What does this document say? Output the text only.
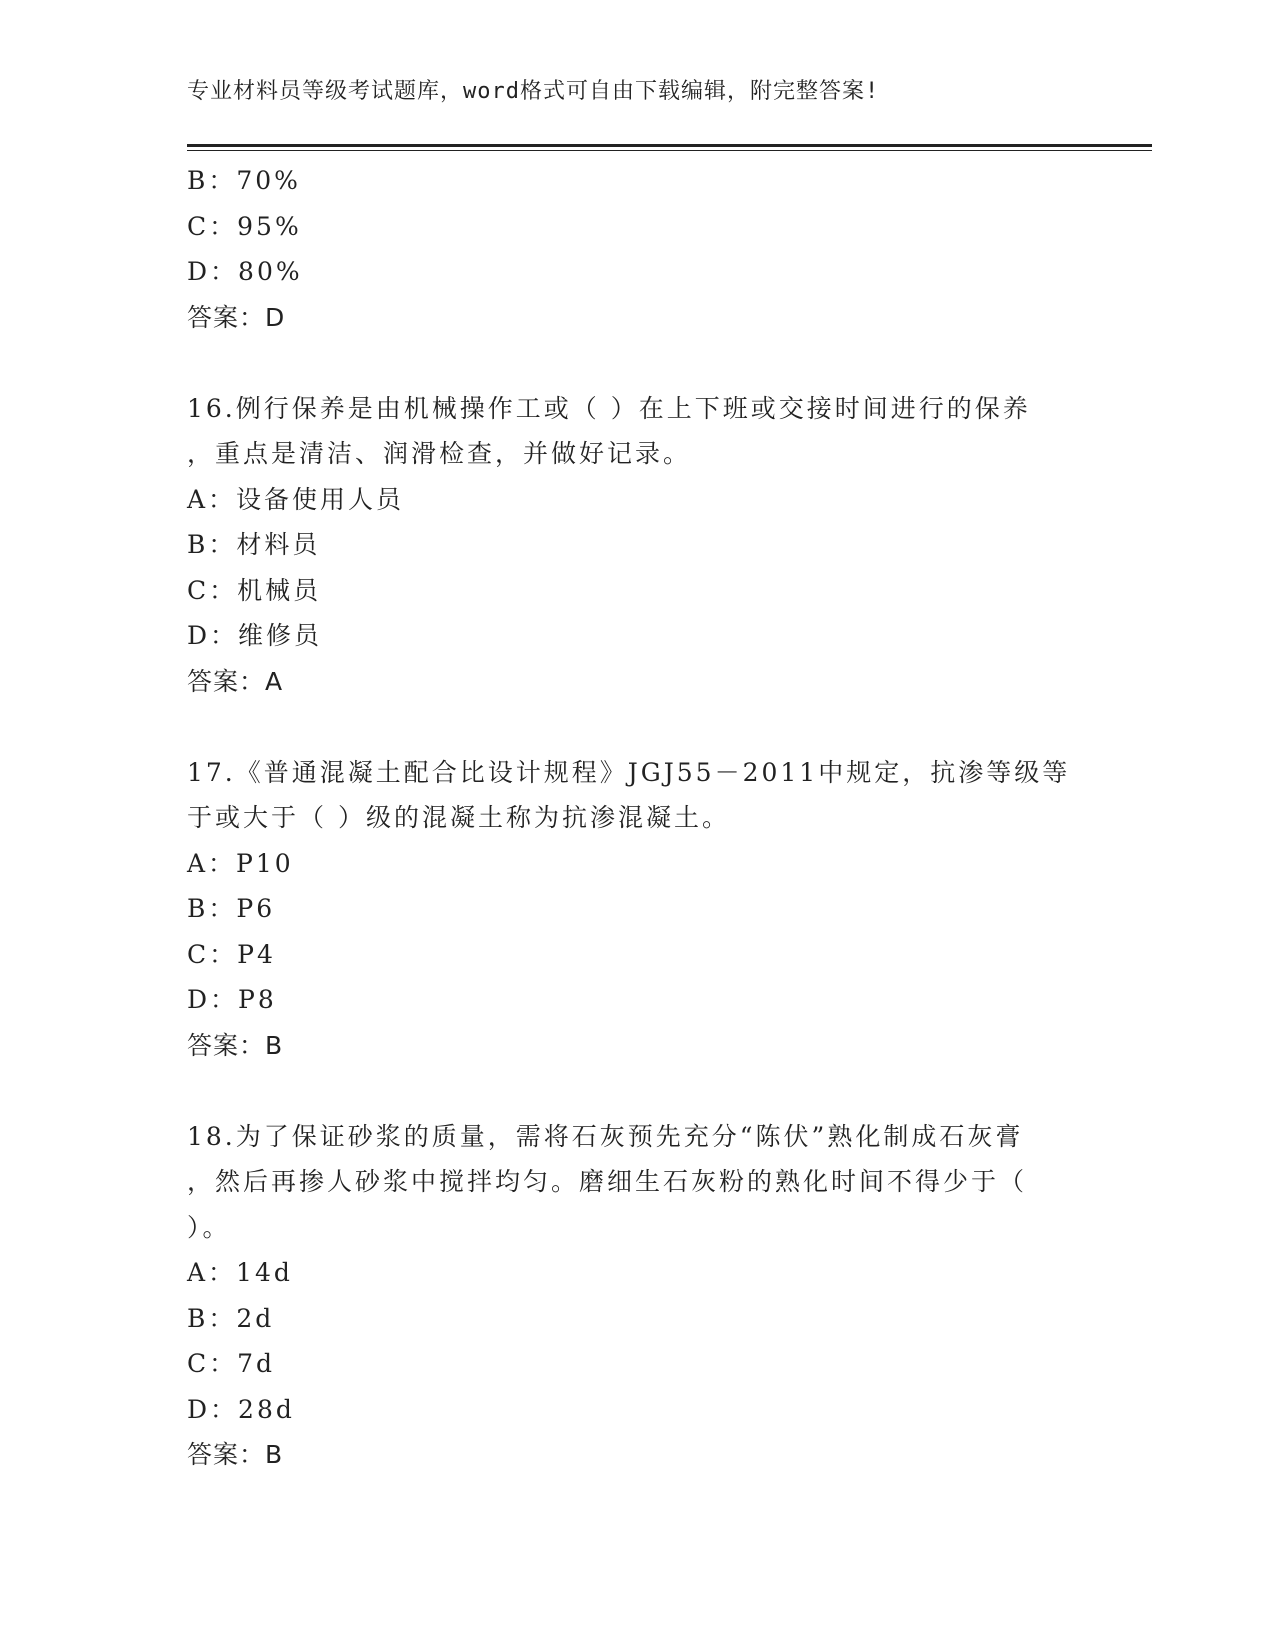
专业材料员等级考试题库，word格式可自由下载编辑，附完整答案!
B：70%
C：95%
D：80%
答案：D
16.例行保养是由机械操作工或（ ）在上下班或交接时间进行的保养
，重点是清洁、润滑检查，并做好记录。
A：设备使用人员
B：材料员
C：机械员
D：维修员
答案：A
17.《普通混凝土配合比设计规程》JGJ55－2011中规定，抗渗等级等
于或大于（ ）级的混凝土称为抗渗混凝土。
A：P10
B：P6
C：P4
D：P8
答案：B
18.为了保证砂浆的质量，需将石灰预先充分“陈伏”熟化制成石灰膏
，然后再掺人砂浆中搅拌均匀。磨细生石灰粉的熟化时间不得少于（
）。
A：14d
B：2d
C：7d
D：28d
答案：B
